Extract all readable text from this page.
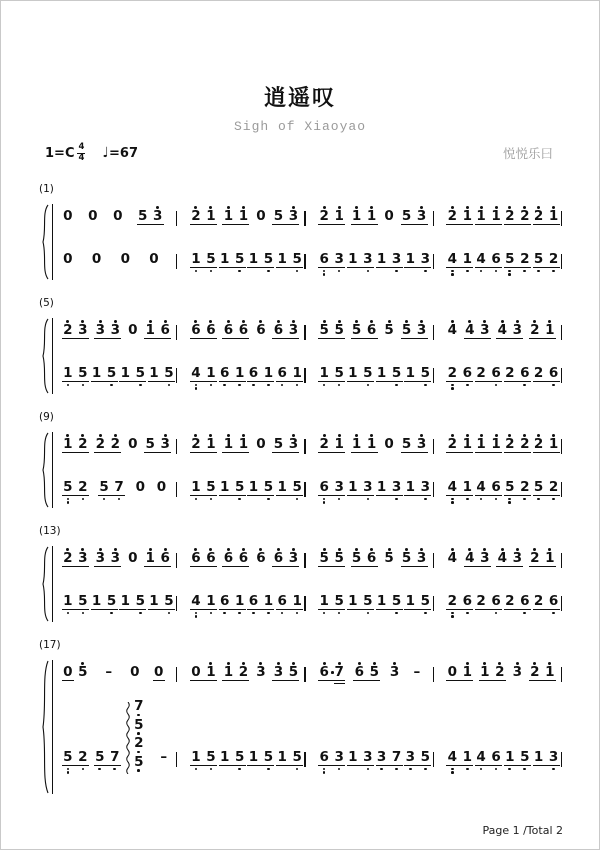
逍遥叹
Sigh of Xiaoyao
$1=C \frac{4}{4}$ ♩=67	悦悦乐曰
(1)
0 0 0 5 3
0 0 0 0
2 1 1 1 0 5 3
1 5 1 5 1 5 1 5
2 1 1 1 0 5 3
6 3 1 3 1 3 1 3
2 1 1 1 2 2 2 1
4 1 4 6 5 2 5 2
(5)
2 3 3 3 0 1 6
1 5 1 5 1 5 1 5
6 6 6 6 6 6 3
4 1 6 1 6 1 6 1
5 5 5 6 5 5 3
1 5 1 5 1 5 1 5
4 4 3 4 3 2 1
2 6 2 6 2 6 2 6
(9)
1 2 2 2 0 5 3
5 2 5 7 0 0
2 1 1 1 0 5 3
1 5 1 5 1 5 1 5
2 1 1 1 0 5 3
6 3 1 3 1 3 1 3
2 1 1 1 2 2 2 1
4 1 4 6 5 2 5 2
(13)
2 3 3 3 0 1 6
1 5 1 5 1 5 1 5
6 6 6 6 6 6 3
4 1 6 1 6 1 6 1
5 5 5 6 5 5 3
1 5 1 5 1 5 1 5
4 4 3 4 3 2 1
2 6 2 6 2 6 2 6
(17)
0 5 – 0 0
5 2 5 7
7
5
2
5 –
0 1 1 2 3 3 5
1 5 1 5 1 5 1 5
6 7 6 5 3 –
6 3 1 3 3 7 3 5
0 1 1 2 3 2 1
4 1 4 6 1 5 1 3
Page 1 /Total 2
